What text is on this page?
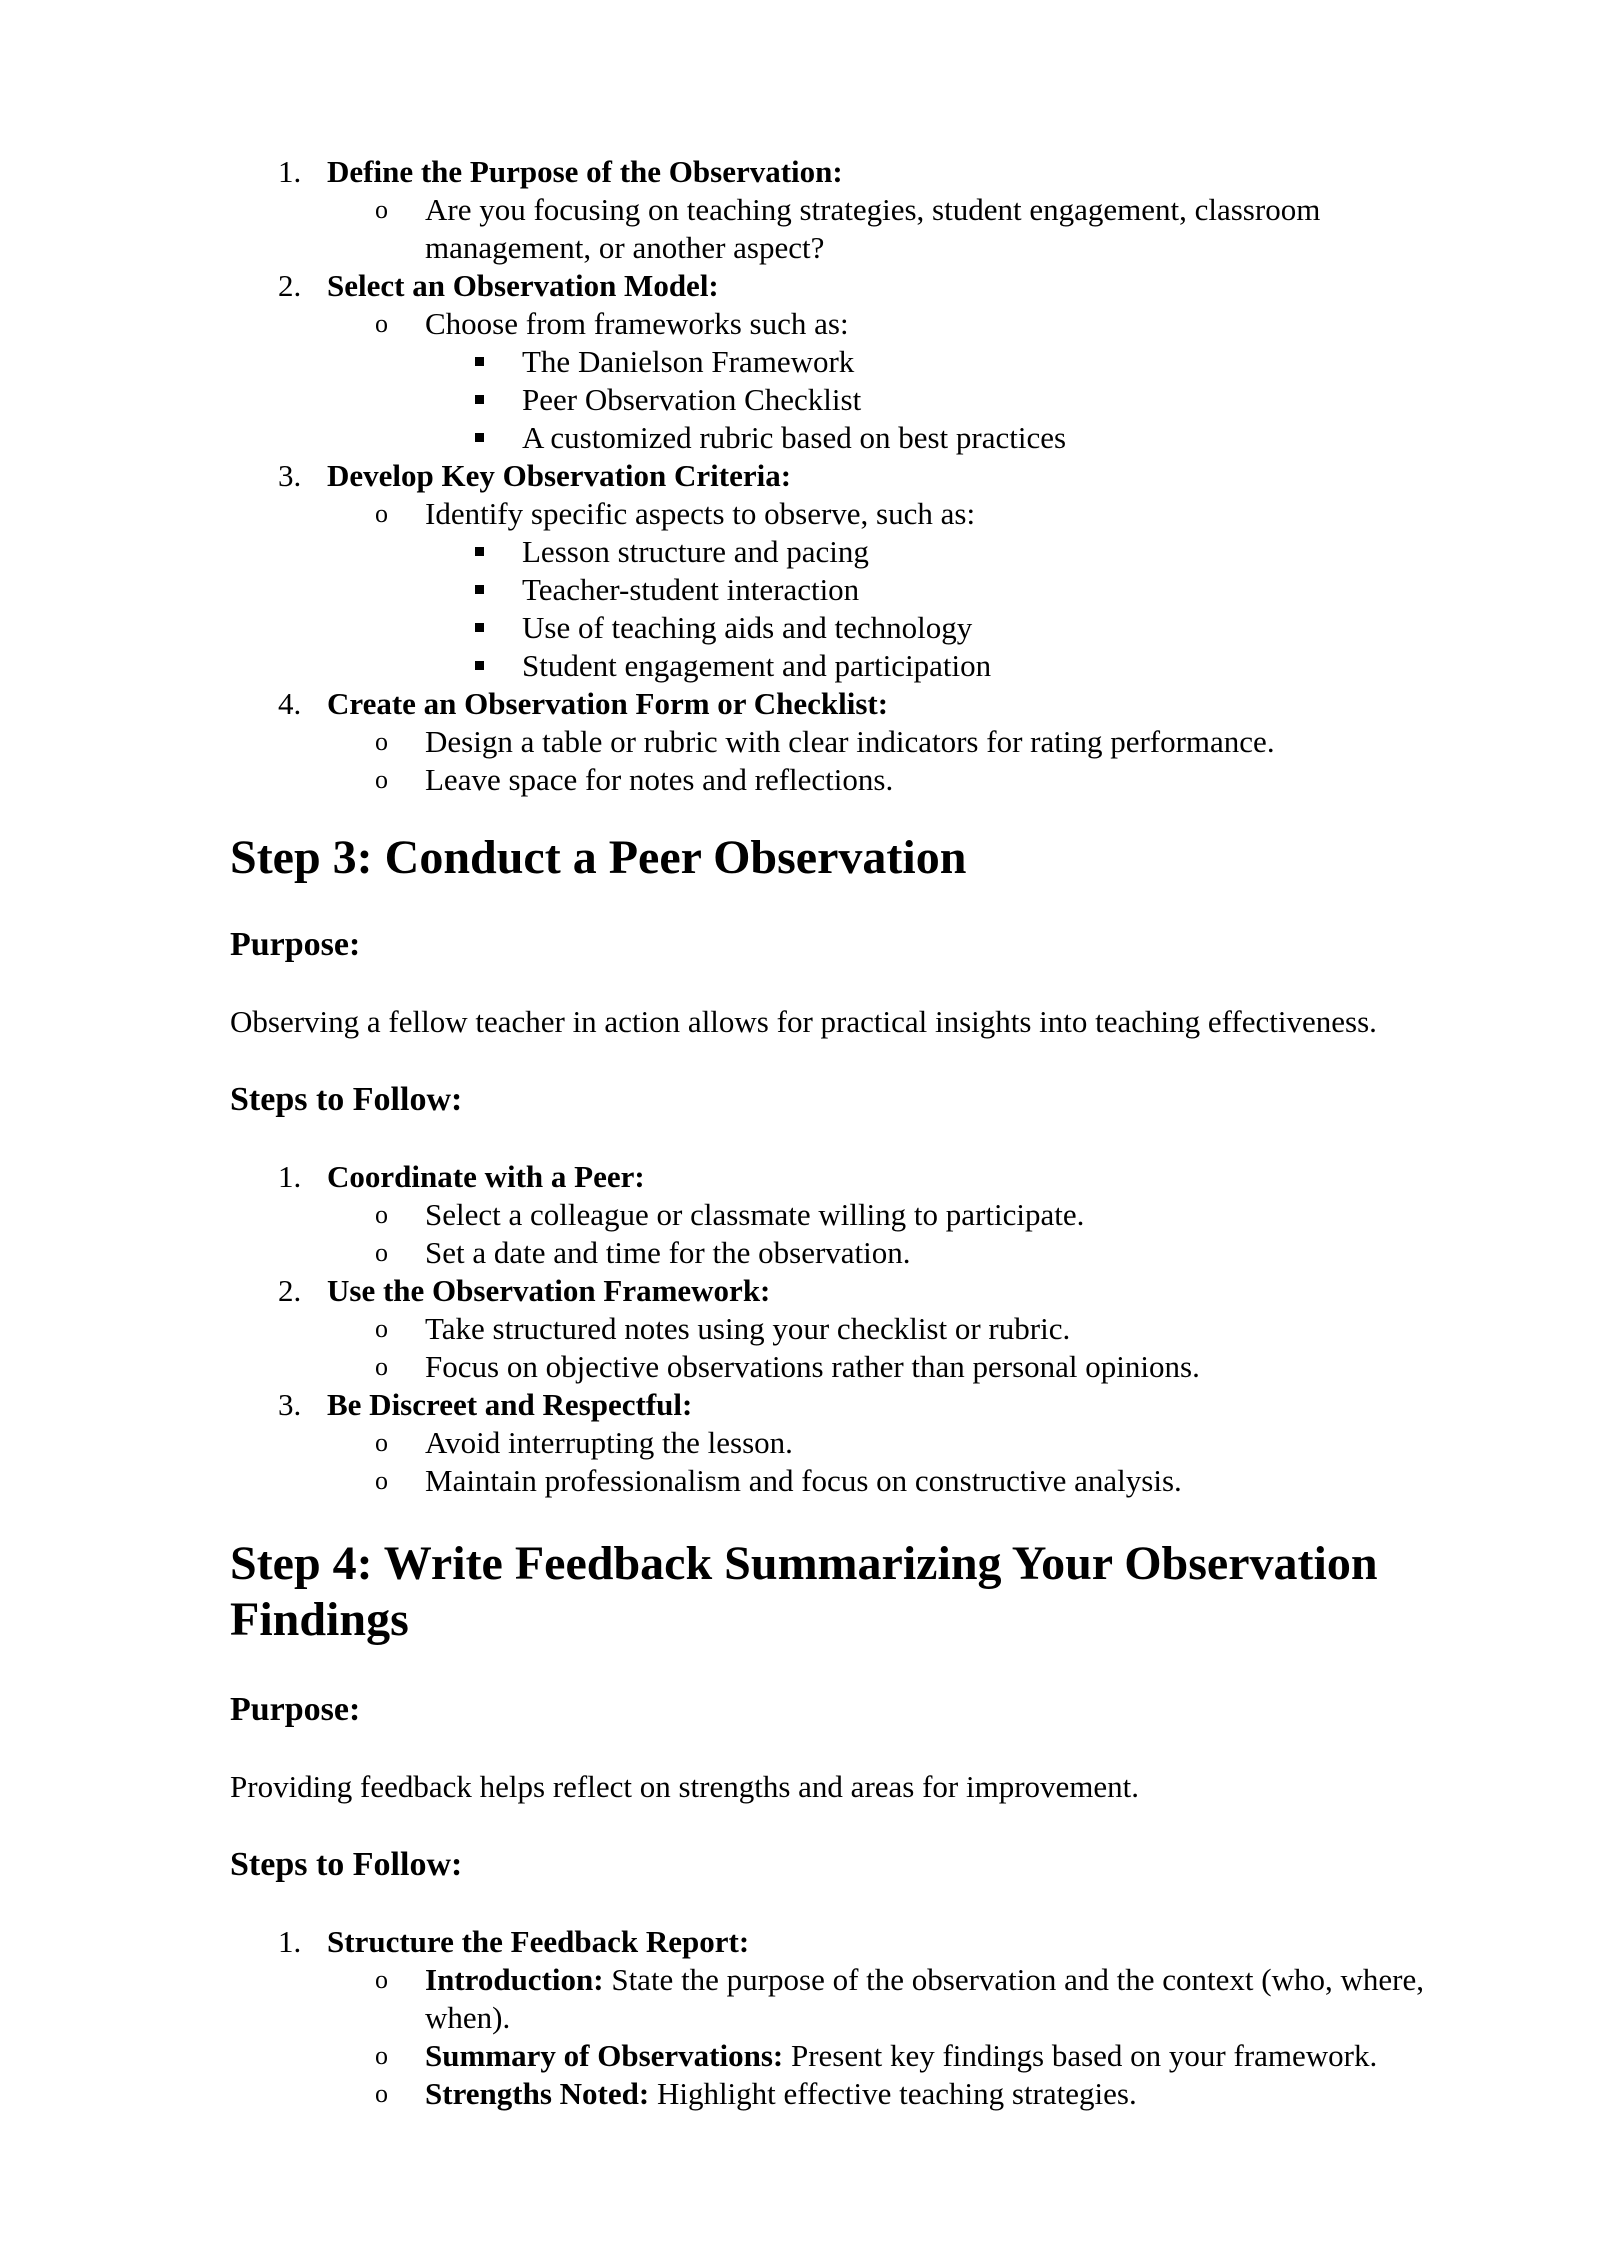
1. Define the Purpose of the Observation:
o Are you focusing on teaching strategies, student engagement, classroom
management, or another aspect?
2. Select an Observation Model:
o Choose from frameworks such as:
The Danielson Framework
Peer Observation Checklist
A customized rubric based on best practices
3. Develop Key Observation Criteria:
o Identify specific aspects to observe, such as:
Lesson structure and pacing
Teacher-student interaction
Use of teaching aids and technology
Student engagement and participation
4. Create an Observation Form or Checklist:
o Design a table or rubric with clear indicators for rating performance.
o Leave space for notes and reflections.
Step 3: Conduct a Peer Observation
Purpose:
Observing a fellow teacher in action allows for practical insights into teaching effectiveness.
Steps to Follow:
1. Coordinate with a Peer:
o Select a colleague or classmate willing to participate.
o Set a date and time for the observation.
2. Use the Observation Framework:
o Take structured notes using your checklist or rubric.
o Focus on objective observations rather than personal opinions.
3. Be Discreet and Respectful:
o Avoid interrupting the lesson.
o Maintain professionalism and focus on constructive analysis.
Step 4: Write Feedback Summarizing Your Observation
Findings
Purpose:
Providing feedback helps reflect on strengths and areas for improvement.
Steps to Follow:
1. Structure the Feedback Report:
o Introduction: State the purpose of the observation and the context (who, where,
when).
o Summary of Observations: Present key findings based on your framework.
o Strengths Noted: Highlight effective teaching strategies.
